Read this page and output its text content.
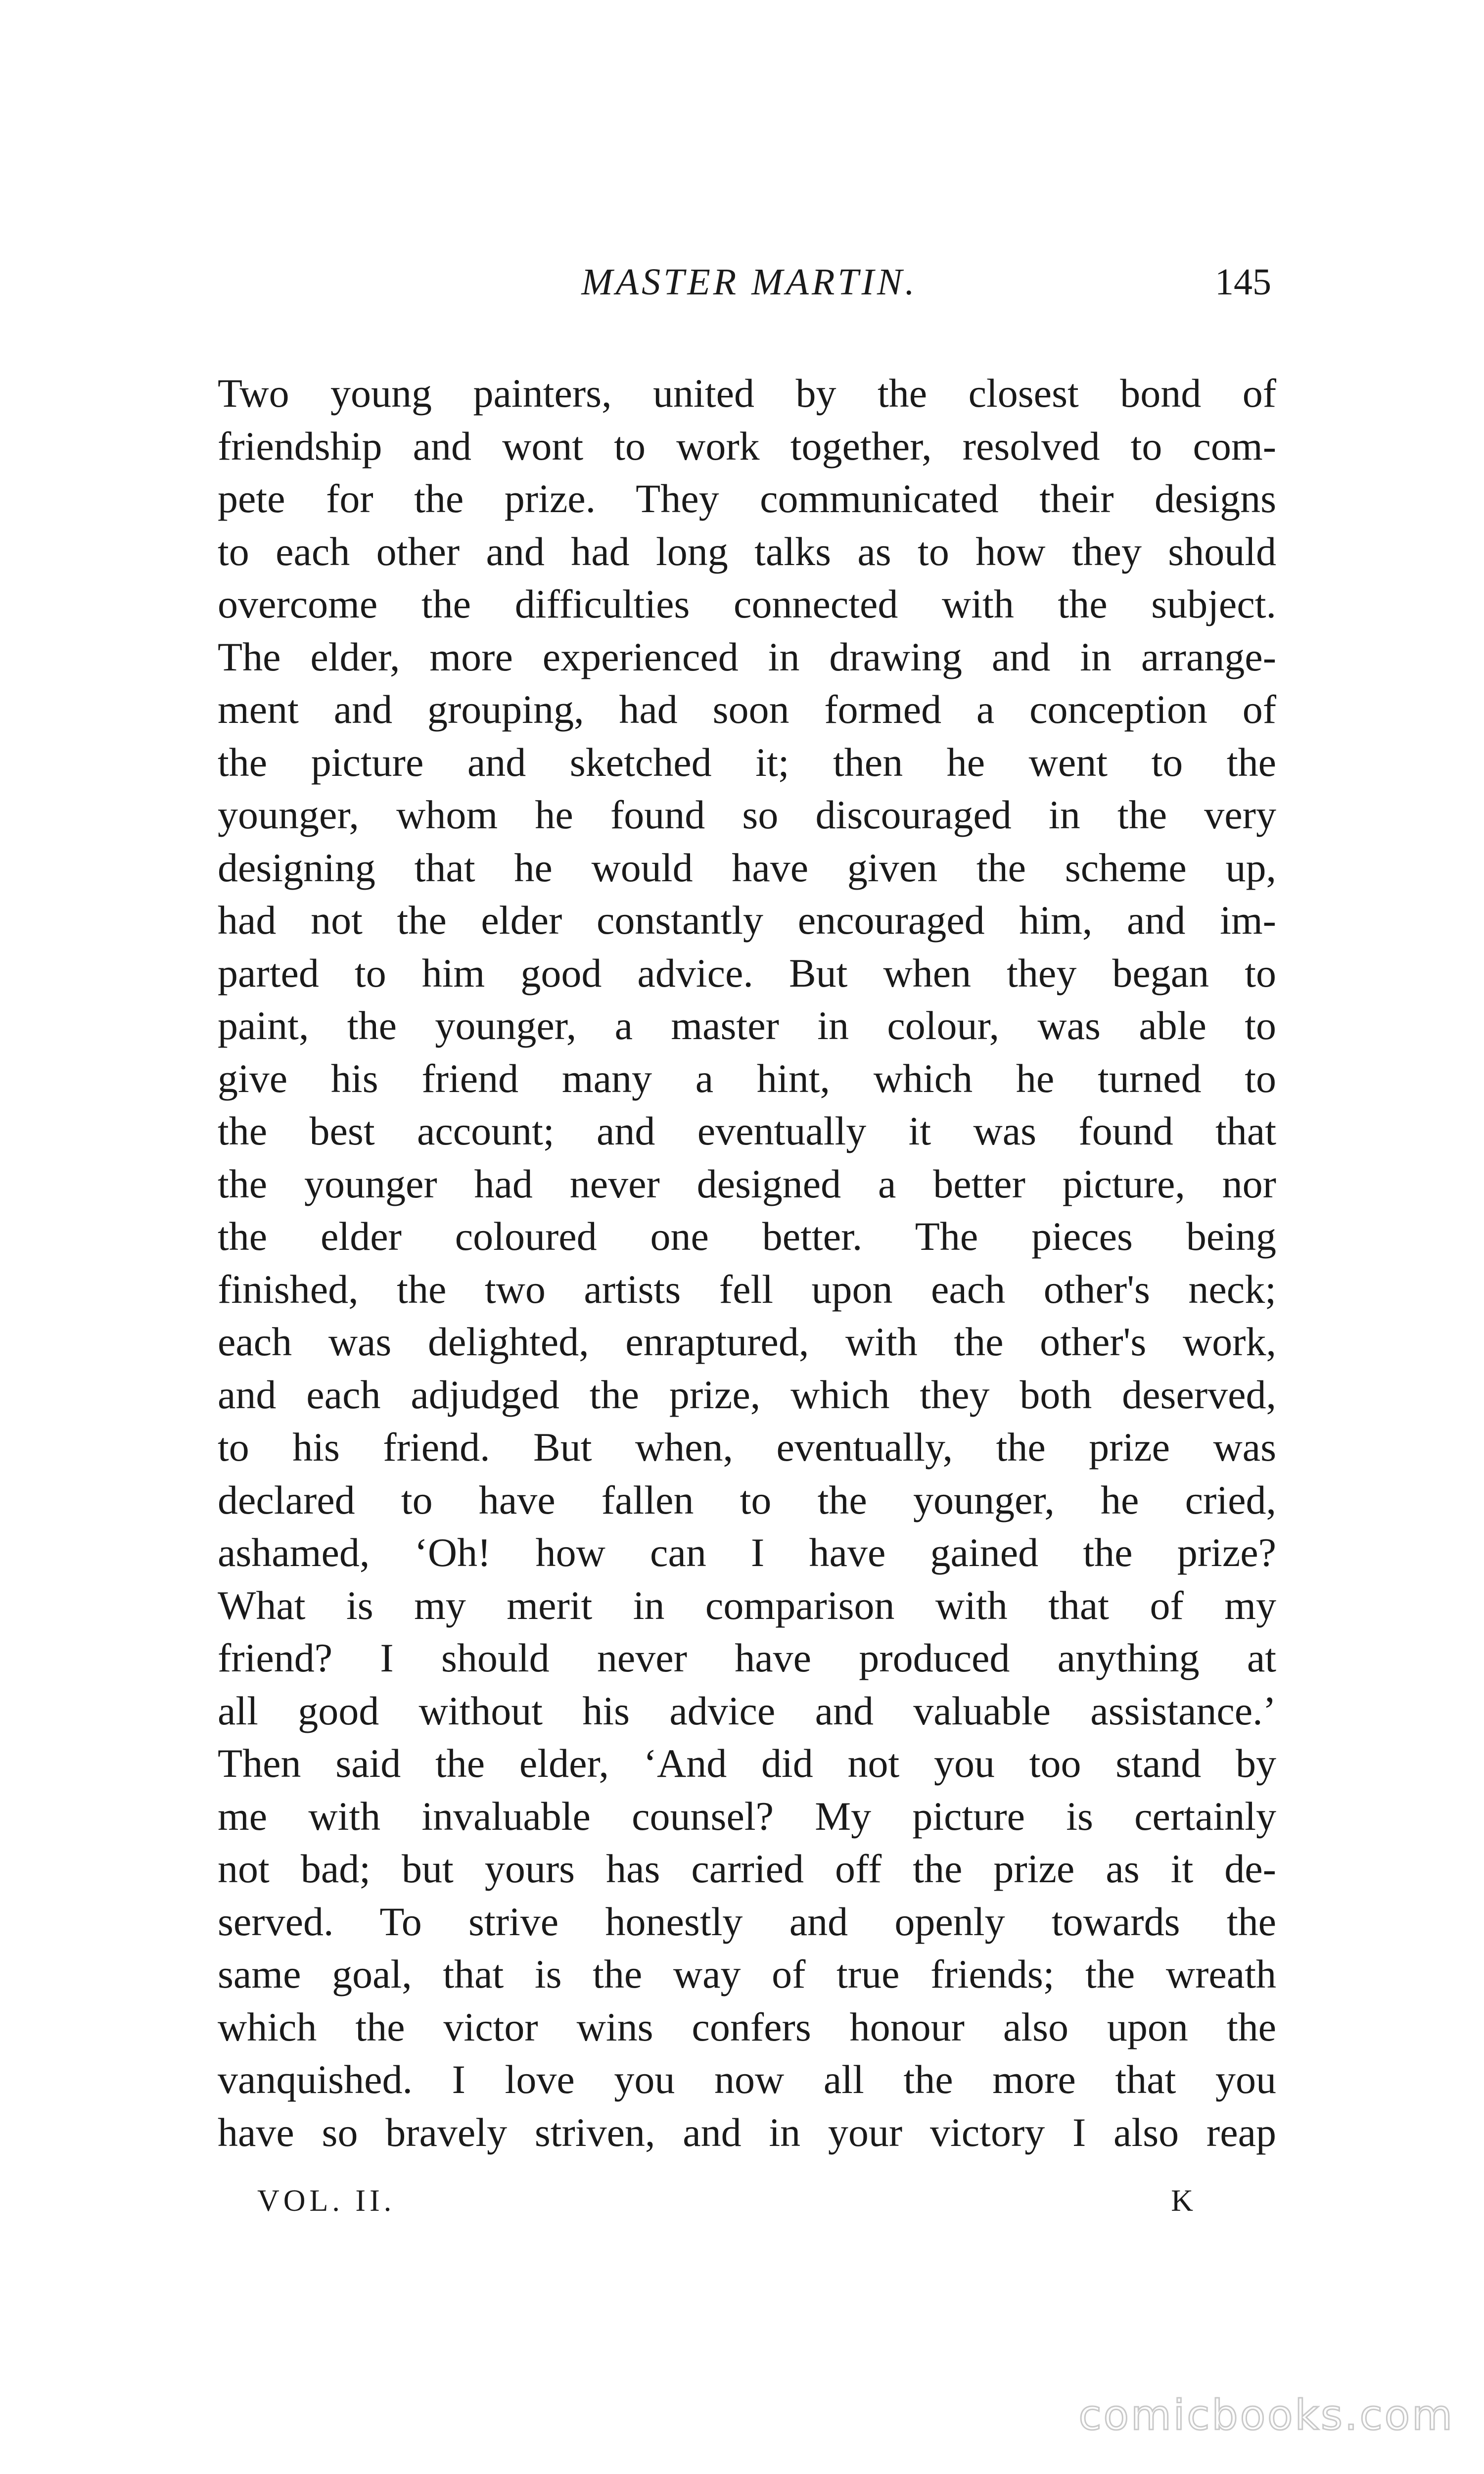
MASTER MARTIN.	145
Two young painters, united by the closest bond of
friendship and wont to work together, resolved to com-
pete for the prize. They communicated their designs
to each other and had long talks as to how they should
overcome the difficulties connected with the subject.
The elder, more experienced in drawing and in arrange-
ment and grouping, had soon formed a conception of
the picture and sketched it; then he went to the
younger, whom he found so discouraged in the very
designing that he would have given the scheme up,
had not the elder constantly encouraged him, and im-
parted to him good advice. But when they began to
paint, the younger, a master in colour, was able to
give his friend many a hint, which he turned to
the best account; and eventually it was found that
the younger had never designed a better picture, nor
the elder coloured one better. The pieces being
finished, the two artists fell upon each other's neck;
each was delighted, enraptured, with the other's work,
and each adjudged the prize, which they both deserved,
to his friend. But when, eventually, the prize was
declared to have fallen to the younger, he cried,
ashamed, ‘Oh! how can I have gained the prize?
What is my merit in comparison with that of my
friend? I should never have produced anything at
all good without his advice and valuable assistance.’
Then said the elder, ‘And did not you too stand by
me with invaluable counsel? My picture is certainly
not bad; but yours has carried off the prize as it de-
served. To strive honestly and openly towards the
same goal, that is the way of true friends; the wreath
which the victor wins confers honour also upon the
vanquished. I love you now all the more that you
have so bravely striven, and in your victory I also reap
VOL. II.	K
comicbooks.com
